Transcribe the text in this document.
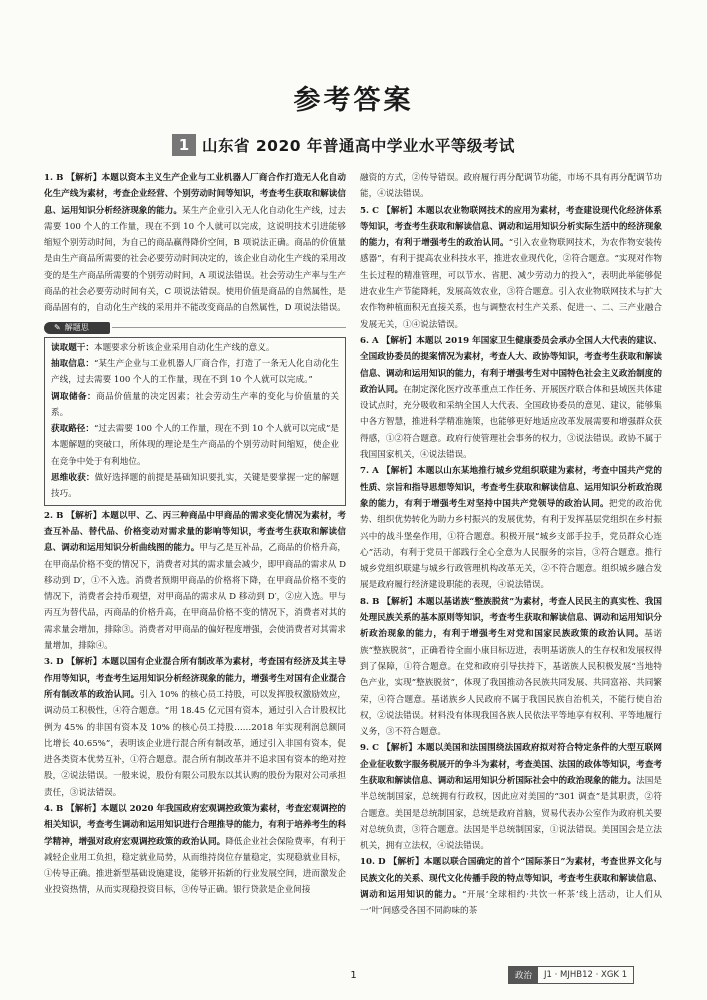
参考答案
1 山东省 2020 年普通高中学业水平等级考试

1. B 【解析】本题以资本主义生产企业与工业机器人厂商合作打造无人化自动化生产线为素材，考查企业经营、个别劳动时间等知识，考查考生获取和解读信息、运用知识分析经济现象的能力。某生产企业引入无人化自动化生产线，过去需要 100 个人的工作量，现在不到 10 个人就可以完成，这说明技术引进能够缩短个别劳动时间，为自己的商品赢得降价空间，B 项说法正确。商品的价值量是由生产商品所需要的社会必要劳动时间决定的，该企业自动化生产线的采用改变的是生产商品所需要的个别劳动时间，A 项说法错误。社会劳动生产率与生产商品的社会必要劳动时间有关，C 项说法错误。使用价值是商品的自然属性，是商品固有的，自动化生产线的采用并不能改变商品的自然属性，D 项说法错误。

✎ 解题思

读取题干：本题要求分析该企业采用自动化生产线的意义。

抽取信息：“某生产企业与工业机器人厂商合作，打造了一条无人化自动化生产线，过去需要 100 个人的工作量，现在不到 10 个人就可以完成。”

调取储备：商品价值量的决定因素；社会劳动生产率的变化与价值量的关系。

获取路径：“过去需要 100 个人的工作量，现在不到 10 个人就可以完成”是本题解题的突破口，所体现的理论是生产商品的个别劳动时间缩短，使企业在竞争中处于有利地位。

思维收获：做好选择题的前提是基础知识要扎实，关键是要掌握一定的解题技巧。

2. B 【解析】本题以甲、乙、丙三种商品中甲商品的需求变化情况为素材，考查互补品、替代品、价格变动对需求量的影响等知识，考查考生获取和解读信息、调动和运用知识分析曲线图的能力。甲与乙是互补品，乙商品的价格升高，在甲商品价格不变的情况下，消费者对其的需求量会减少，即甲商品的需求从 D 移动到 D′，①不入选。消费者预期甲商品的价格将下降，在甲商品价格不变的情况下，消费者会持币观望，对甲商品的需求从 D 移动到 D′，②应入选。甲与丙互为替代品，丙商品的价格升高，在甲商品价格不变的情况下，消费者对其的需求量会增加，排除③。消费者对甲商品的偏好程度增强，会使消费者对其需求量增加，排除④。

3. D 【解析】本题以国有企业混合所有制改革为素材，考查国有经济及其主导作用等知识，考查考生运用知识分析经济现象的能力，增强考生对国有企业混合所有制改革的政治认同。引入 10% 的核心员工持股，可以发挥股权激励效应，调动员工积极性，④符合题意。“用 18.45 亿元国有资本，通过引入合计股权比例为 45% 的非国有资本及 10% 的核心员工持股……2018 年实现利润总额同比增长 40.65%”，表明该企业进行混合所有制改革，通过引入非国有资本，促进各类资本优势互补，①符合题意。混合所有制改革并不追求国有资本的绝对控股，②说法错误。一般来说，股份有限公司股东以其认购的股份为限对公司承担责任，③说法错误。

4. B 【解析】本题以 2020 年我国政府宏观调控政策为素材，考查宏观调控的相关知识，考查考生调动和运用知识进行合理推导的能力，有利于培养考生的科学精神，增强对政府宏观调控政策的政治认同。降低企业社会保险费率，有利于减轻企业用工负担，稳定就业局势，从而维持岗位存量稳定，实现稳就业目标，①传导正确。推进新型基础设施建设，能够开拓新的行业发展空间，进而激发企业投资热情，从而实现稳投资目标，③传导正确。银行贷款是企业间接

融资的方式，②传导错误。政府履行再分配调节功能，市场不具有再分配调节功能，④说法错误。

5. C 【解析】本题以农业物联网技术的应用为素材，考查建设现代化经济体系等知识，考查考生获取和解读信息、调动和运用知识分析实际生活中的经济现象的能力，有利于增强考生的政治认同。“引入农业物联网技术，为农作物安装传感器”，有利于提高农业科技水平，推进农业现代化，②符合题意。“实现对作物生长过程的精准管理，可以节水、省肥、减少劳动力的投入”，表明此举能够促进农业生产节能降耗，发展高效农业，③符合题意。引入农业物联网技术与扩大农作物种植面积无直接关系，也与调整农村生产关系、促进一、二、三产业融合发展无关，①④说法错误。

6. A 【解析】本题以 2019 年国家卫生健康委员会承办全国人大代表的建议、全国政协委员的提案情况为素材，考查人大、政协等知识，考查考生获取和解读信息、调动和运用知识的能力，有利于增强考生对中国特色社会主义政治制度的政治认同。在制定深化医疗改革重点工作任务、开展医疗联合体和县域医共体建设试点时，充分吸收和采纳全国人大代表、全国政协委员的意见、建议，能够集中各方智慧，推进科学精准施策，也能够更好地适应改革发展需要和增强群众获得感，①②符合题意。政府行使管理社会事务的权力，③说法错误。政协不属于我国国家机关，④说法错误。

7. A 【解析】本题以山东某地推行城乡党组织联建为素材，考查中国共产党的性质、宗旨和指导思想等知识，考查考生获取和解读信息、运用知识分析政治现象的能力，有利于增强考生对坚持中国共产党领导的政治认同。把党的政治优势、组织优势转化为助力乡村振兴的发展优势，有利于发挥基层党组织在乡村振兴中的战斗堡垒作用，①符合题意。积极开展“城乡支部手拉手，党员群众心连心”活动，有利于党员干部践行全心全意为人民服务的宗旨，③符合题意。推行城乡党组织联建与城乡行政管理机构改革无关，②不符合题意。组织城乡融合发展是政府履行经济建设职能的表现，④说法错误。

8. B 【解析】本题以基诺族“整族脱贫”为素材，考查人民民主的真实性、我国处理民族关系的基本原则等知识，考查考生获取和解读信息、调动和运用知识分析政治现象的能力，有利于增强考生对党和国家民族政策的政治认同。基诺族“整族脱贫”，正确看待全面小康目标迈进，表明基诺族人的生存权和发展权得到了保障，①符合题意。在党和政府引导扶持下，基诺族人民积极发展“当地特色产业，实现”整族脱贫”，体现了我国推动各民族共同发展、共同富裕、共同繁荣，④符合题意。基诺族乡人民政府不属于我国民族自治机关，不能行使自治权，②说法错误。材料没有体现我国各族人民依法平等地享有权利、平等地履行义务，③不符合题意。

9. C 【解析】本题以美国和法国围绕法国政府拟对符合特定条件的大型互联网企业征收数字服务税展开的争斗为素材，考查美国、法国的政体等知识，考查考生获取和解读信息、调动和运用知识分析国际社会中的政治现象的能力。法国是半总统制国家，总统拥有行政权，因此应对美国的“301 调查”是其职责，②符合题意。美国是总统制国家，总统是政府首脑，贸易代表办公室作为政府机关要对总统负责，③符合题意。法国是半总统制国家，①说法错误。美国国会是立法机关，拥有立法权，④说法错误。

10. D 【解析】本题以联合国确定的首个“国际茶日”为素材，考查世界文化与民族文化的关系、现代文化传播手段的特点等知识，考查考生获取和解读信息、调动和运用知识的能力。“开展‘全球相约·共饮一杯茶’线上活动，让人们从一‘叶’间感受各国不同韵味的茶

1	政治	J1 · MJHB12 · XGK 1
